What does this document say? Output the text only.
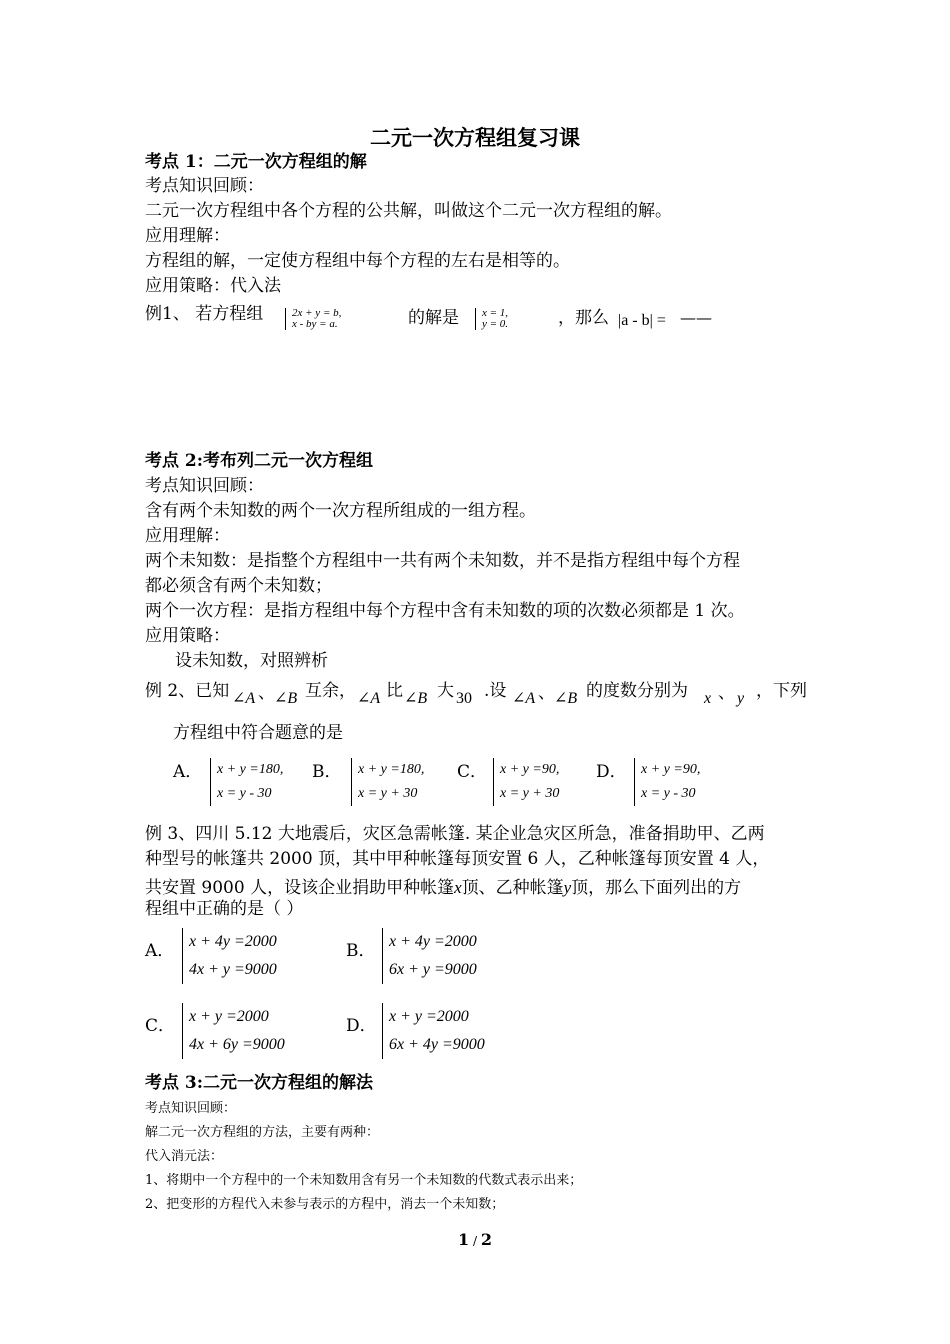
二元一次方程组复习课
考点 1：二元一次方程组的解
考点知识回顾：
二元一次方程组中各个方程的公共解，叫做这个二元一次方程组的解。
应用理解：
方程组的解，一定使方程组中每个方程的左右是相等的。
应用策略：代入法
例1、 若方程组	2x + y = b,
x - by = a.	的解是 x = 1,
y = 0.	，那么 |a - b| = ——
考点 2:考布列二元一次方程组
考点知识回顾：
含有两个未知数的两个一次方程所组成的一组方程。
应用理解：
两个未知数：是指整个方程组中一共有两个未知数，并不是指方程组中每个方程
都必须含有两个未知数；
两个一次方程：是指方程组中每个方程中含有未知数的项的次数必须都是 1 次。
应用策略：
设未知数，对照辨析
例 2、已知 ∠A 、 ∠B 互余， ∠A 比 ∠B 大 30 .设 ∠A 、 ∠B 的度数分别为 x 、 y ，下列
方程组中符合题意的是
A． x + y =180,
x = y - 30
B． x + y =180,
x = y + 30
C． x + y =90,
x = y + 30
D． x + y =90,
x = y - 30
例 3、四川 5.12 大地震后，灾区急需帐篷. 某企业急灾区所急，准备捐助甲、乙两
种型号的帐篷共 2000 顶，其中甲种帐篷每顶安置 6 人，乙种帐篷每顶安置 4 人，
共安置 9000 人，设该企业捐助甲种帐篷x顶、乙种帐篷y顶，那么下面列出的方
程组中正确的是（ ）
A． x + 4y =2000
4x + y =9000
B． x + 4y =2000
6x + y =9000
C． x + y =2000
4x + 6y =9000
D． x + y =2000
6x + 4y =9000
考点 3:二元一次方程组的解法
考点知识回顾：
解二元一次方程组的方法，主要有两种：
代入消元法：
1、将期中一个方程中的一个未知数用含有另一个未知数的代数式表示出来；
2、把变形的方程代入未参与表示的方程中，消去一个未知数；
1 / 2
